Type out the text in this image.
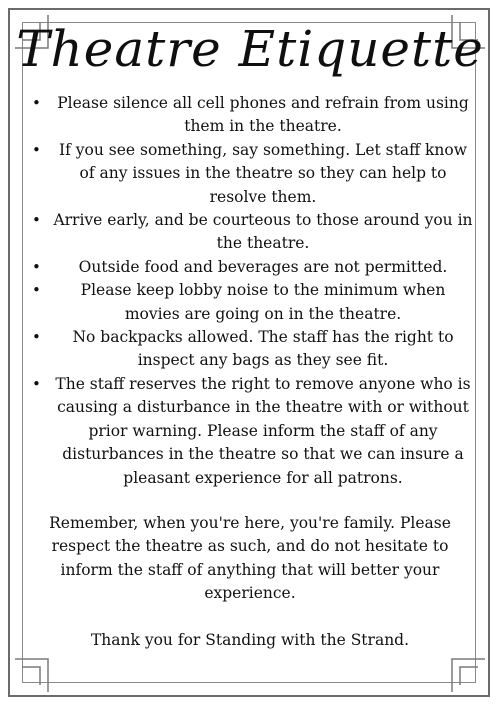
Theatre Etiquette
• Please silence all cell phones and refrain from using them in the theatre.
• If you see something, say something. Let staff know of any issues in the theatre so they can help to resolve them.
• Arrive early, and be courteous to those around you in the theatre.
• Outside food and beverages are not permitted.
•	Please keep lobby noise to the minimum when movies are going on in the theatre.
• No backpacks allowed. The staff has the right to inspect any bags as they see fit.
• The staff reserves the right to remove anyone who is causing a disturbance in the theatre with or without prior warning. Please inform the staff of any disturbances in the theatre so that we can insure a pleasant experience for all patrons.

Remember, when you're here, you're family. Please respect the theatre as such, and do not hesitate to inform the staff of anything that will better your experience.

Thank you for Standing with the Strand.
